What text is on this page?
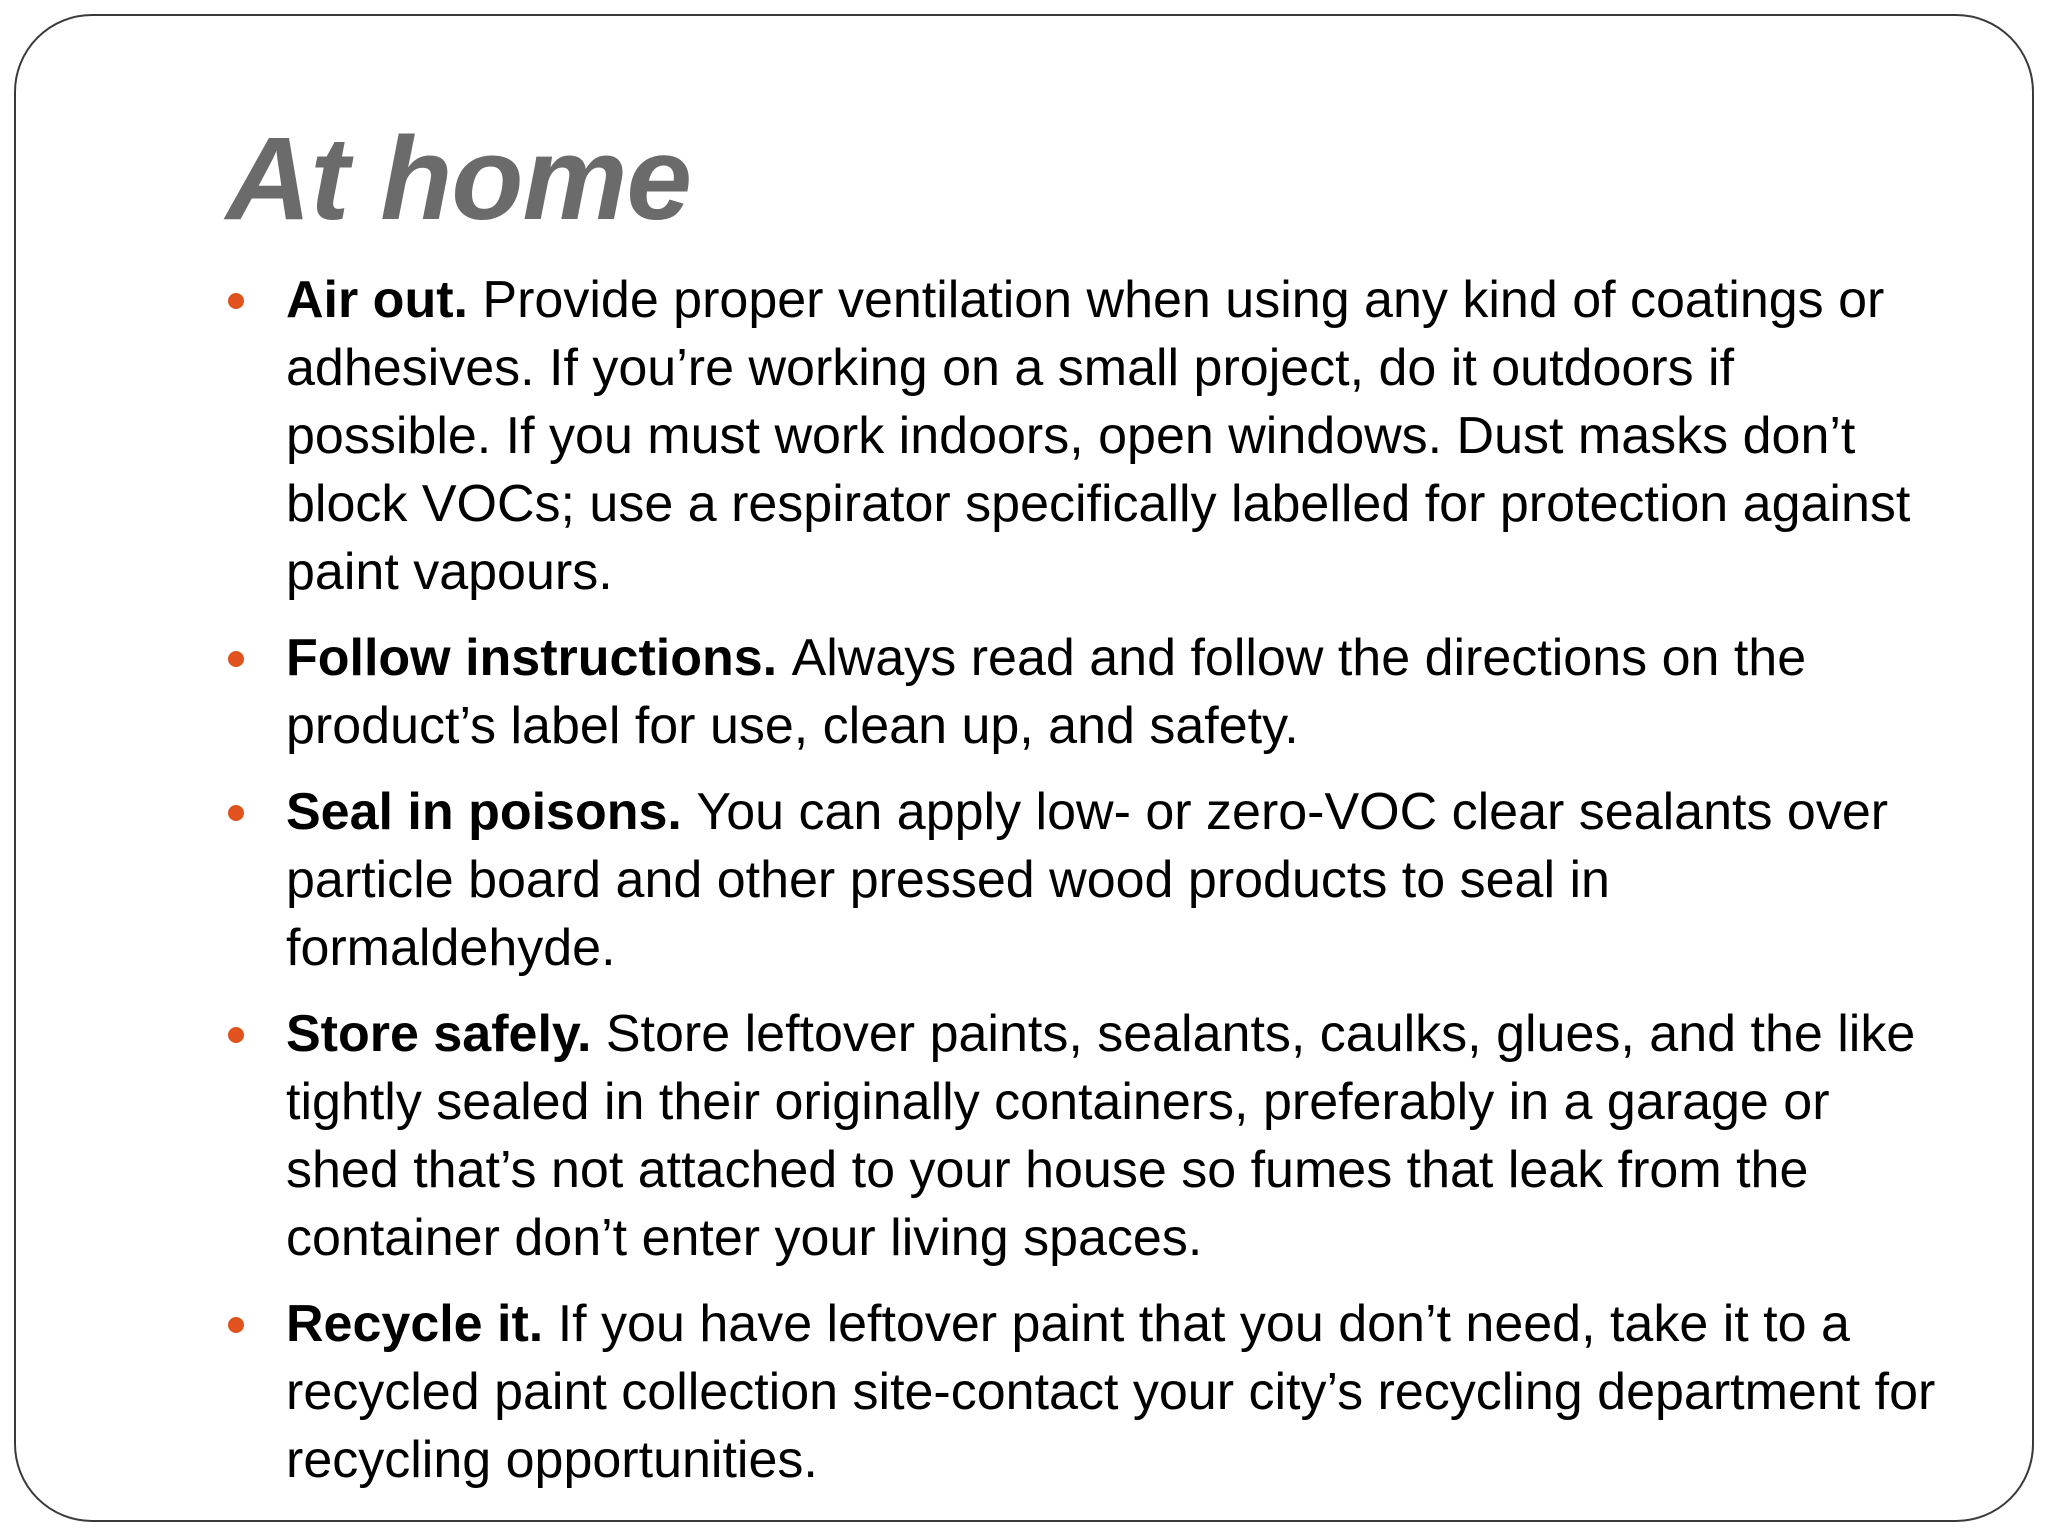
At home
Air out. Provide proper ventilation when using any kind of coatings or adhesives. If you’re working on a small project, do it outdoors if possible. If you must work indoors, open windows. Dust masks don’t block VOCs; use a respirator specifically labelled for protection against paint vapours.
Follow instructions. Always read and follow the directions on the product’s label for use, clean up, and safety.
Seal in poisons. You can apply low- or zero-VOC clear sealants over particle board and other pressed wood products to seal in formaldehyde.
Store safely. Store leftover paints, sealants, caulks, glues, and the like tightly sealed in their originally containers, preferably in a garage or shed that’s not attached to your house so fumes that leak from the container don’t enter your living spaces.
Recycle it. If you have leftover paint that you don’t need, take it to a recycled paint collection site-contact your city’s recycling department for recycling opportunities.
